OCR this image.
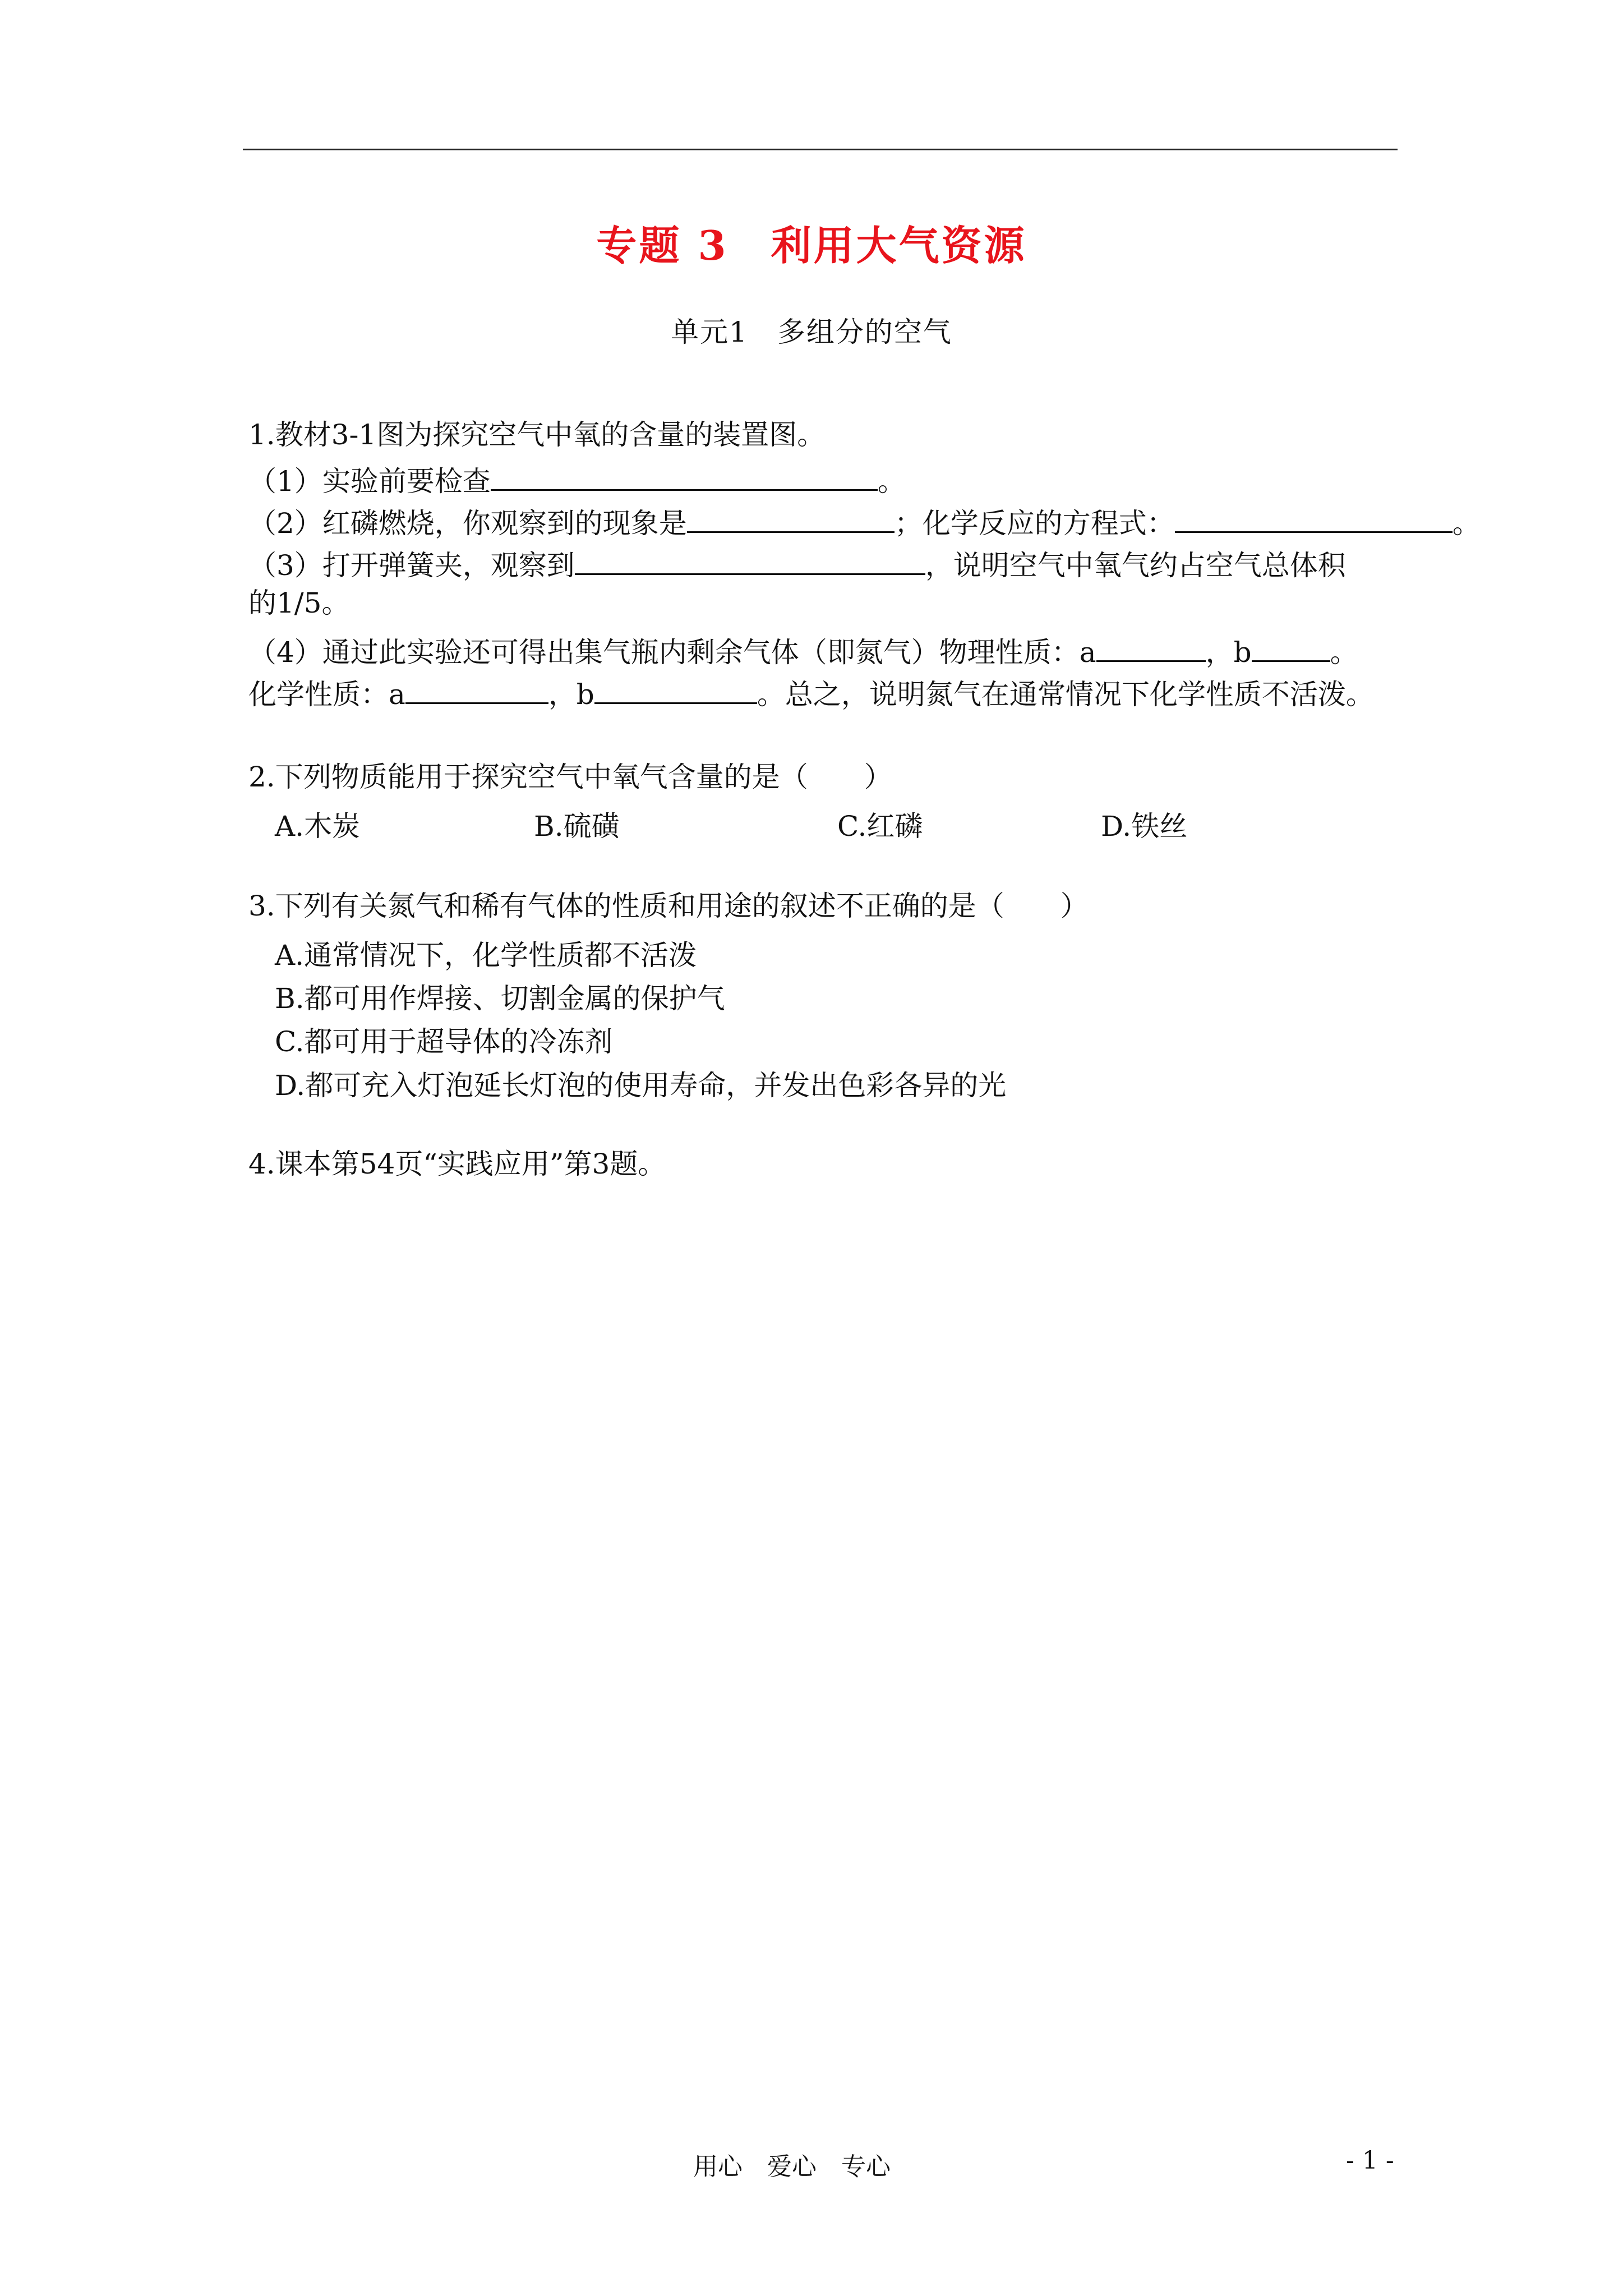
专题 3　利用大气资源
单元1　多组分的空气
1.教材3-1图为探究空气中氧的含量的装置图。
（1）实验前要检查	。
（2）红磷燃烧，你观察到的现象是	；化学反应的方程式：	。
（3）打开弹簧夹，观察到	，说明空气中氧气约占空气总体积
的1/5。
（4）通过此实验还可得出集气瓶内剩余气体（即氮气）物理性质：a	，b	。
化学性质：a	，b	。总之，说明氮气在通常情况下化学性质不活泼。
2.下列物质能用于探究空气中氧气含量的是（　　）
A.木炭	B.硫磺	C.红磷	D.铁丝
3.下列有关氮气和稀有气体的性质和用途的叙述不正确的是（　　）
A.通常情况下，化学性质都不活泼
B.都可用作焊接、切割金属的保护气
C.都可用于超导体的冷冻剂
D.都可充入灯泡延长灯泡的使用寿命，并发出色彩各异的光
4.课本第54页“实践应用”第3题。
用心　爱心　专心	- 1 -
